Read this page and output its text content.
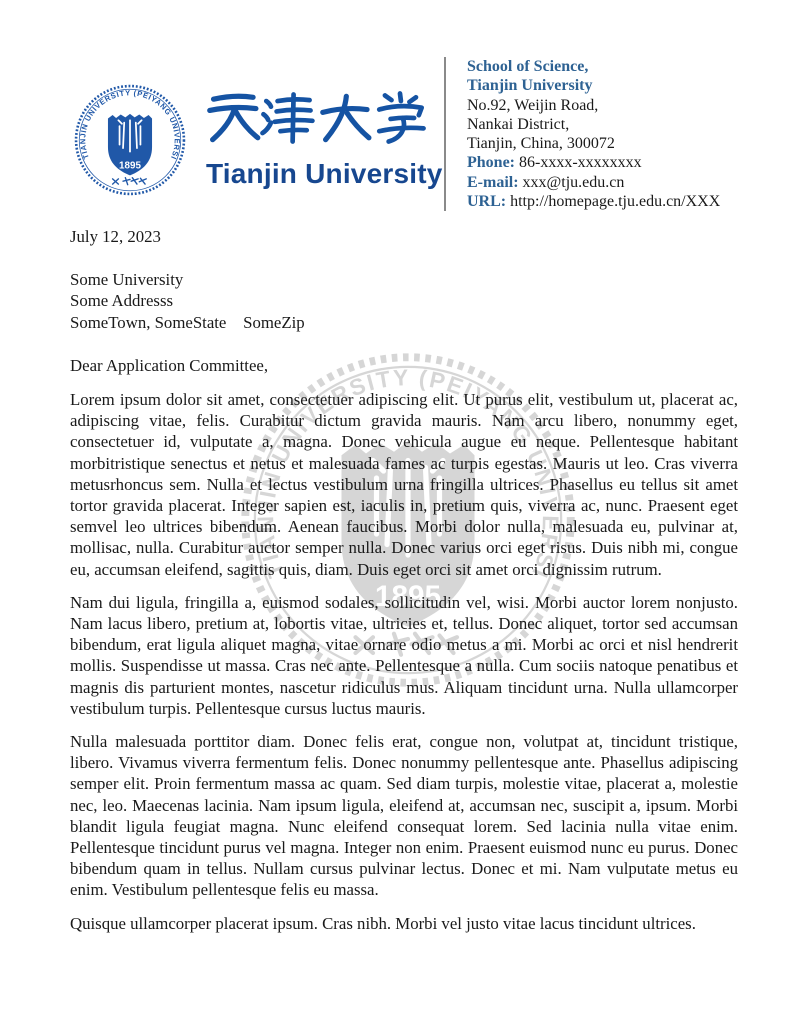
Tianjin University
School of Science,
Tianjin University
No.92, Weijin Road,
Nankai District,
Tianjin, China, 300072
Phone: 86-xxxx-xxxxxxxx
E-mail: xxx@tju.edu.cn
URL: http://homepage.tju.edu.cn/XXX
July 12, 2023
Some University
Some Addresss
SomeTown, SomeState    SomeZip
Dear Application Committee,

Lorem ipsum dolor sit amet, consectetuer adipiscing elit. Ut purus elit, vestibulum ut, placerat ac, adipiscing vitae, felis. Curabitur dictum gravida mauris. Nam arcu libero, nonummy eget, consectetuer id, vulputate a, magna. Donec vehicula augue eu neque. Pellentesque habitant morbitristique senectus et netus et malesuada fames ac turpis egestas. Mauris ut leo. Cras viverra metusrhoncus sem. Nulla et lectus vestibulum urna fringilla ultrices. Phasellus eu tellus sit amet tortor gravida placerat. Integer sapien est, iaculis in, pretium quis, viverra ac, nunc. Praesent eget semvel leo ultrices bibendum. Aenean faucibus. Morbi dolor nulla, malesuada eu, pulvinar at, mollisac, nulla. Curabitur auctor semper nulla. Donec varius orci eget risus. Duis nibh mi, congue eu, accumsan eleifend, sagittis quis, diam. Duis eget orci sit amet orci dignissim rutrum.

Nam dui ligula, fringilla a, euismod sodales, sollicitudin vel, wisi. Morbi auctor lorem nonjusto. Nam lacus libero, pretium at, lobortis vitae, ultricies et, tellus. Donec aliquet, tortor sed accumsan bibendum, erat ligula aliquet magna, vitae ornare odio metus a mi. Morbi ac orci et nisl hendrerit mollis. Suspendisse ut massa. Cras nec ante. Pellentesque a nulla. Cum sociis natoque penatibus et magnis dis parturient montes, nascetur ridiculus mus. Aliquam tincidunt urna. Nulla ullamcorper vestibulum turpis. Pellentesque cursus luctus mauris.

Nulla malesuada porttitor diam. Donec felis erat, congue non, volutpat at, tincidunt tristique, libero. Vivamus viverra fermentum felis. Donec nonummy pellentesque ante. Phasellus adipiscing semper elit. Proin fermentum massa ac quam. Sed diam turpis, molestie vitae, placerat a, molestie nec, leo. Maecenas lacinia. Nam ipsum ligula, eleifend at, accumsan nec, suscipit a, ipsum. Morbi blandit ligula feugiat magna. Nunc eleifend consequat lorem. Sed lacinia nulla vitae enim. Pellentesque tincidunt purus vel magna. Integer non enim. Praesent euismod nunc eu purus. Donec bibendum quam in tellus. Nullam cursus pulvinar lectus. Donec et mi. Nam vulputate metus eu enim. Vestibulum pellentesque felis eu massa.

Quisque ullamcorper placerat ipsum. Cras nibh. Morbi vel justo vitae lacus tincidunt ultrices.
